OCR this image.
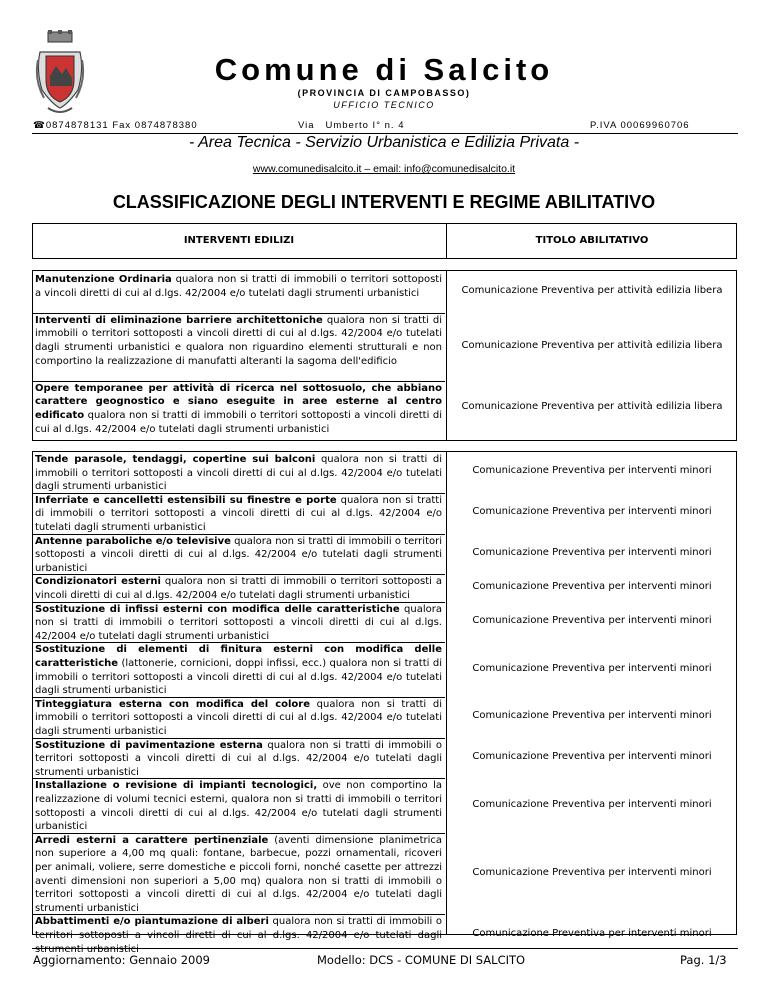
Comune di Salcito
(PROVINCIA DI CAMPOBASSO)
UFFICIO TECNICO
☎0874878131 Fax 0874878380	Via Umberto I° n. 4	P.IVA 00069960706
- Area Tecnica - Servizio Urbanistica e Edilizia Privata -
www.comunedisalcito.it – email: info@comunedisalcito.it
CLASSIFICAZIONE DEGLI INTERVENTI E REGIME ABILITATIVO
INTERVENTI EDILIZI	TITOLO ABILITATIVO
Manutenzione Ordinaria qualora non si tratti di immobili o territori sottoposti a vincoli diretti di cui al d.lgs. 42/2004 e/o tutelati dagli strumenti urbanistici	Comunicazione Preventiva per attività edilizia libera
Interventi di eliminazione barriere architettoniche qualora non si tratti di immobili o territori sottoposti a vincoli diretti di cui al d.lgs. 42/2004 e/o tutelati dagli strumenti urbanistici e qualora non riguardino elementi strutturali e non comportino la realizzazione di manufatti alteranti la sagoma dell'edificio
Comunicazione Preventiva per attività edilizia libera
Opere temporanee per attività di ricerca nel sottosuolo, che abbiano carattere geognostico e siano eseguite in aree esterne al centro edificato qualora non si tratti di immobili o territori sottoposti a vincoli diretti di cui al d.lgs. 42/2004 e/o tutelati dagli strumenti urbanistici
Comunicazione Preventiva per attività edilizia libera
Tende parasole, tendaggi, copertine sui balconi qualora non si tratti di immobili o territori sottoposti a vincoli diretti di cui al d.lgs. 42/2004 e/o tutelati dagli strumenti urbanistici
Comunicazione Preventiva per interventi minori
Inferriate e cancelletti estensibili su finestre e porte qualora non si tratti di immobili o territori sottoposti a vincoli diretti di cui al d.lgs. 42/2004 e/o tutelati dagli strumenti urbanistici
Comunicazione Preventiva per interventi minori
Antenne paraboliche e/o televisive qualora non si tratti di immobili o territori sottoposti a vincoli diretti di cui al d.lgs. 42/2004 e/o tutelati dagli strumenti urbanistici
Comunicazione Preventiva per interventi minori
Condizionatori esterni qualora non si tratti di immobili o territori sottoposti a vincoli diretti di cui al d.lgs. 42/2004 e/o tutelati dagli strumenti urbanistici
Comunicazione Preventiva per interventi minori
Sostituzione di infissi esterni con modifica delle caratteristiche qualora non si tratti di immobili o territori sottoposti a vincoli diretti di cui al d.lgs. 42/2004 e/o tutelati dagli strumenti urbanistici
Comunicazione Preventiva per interventi minori
Sostituzione di elementi di finitura esterni con modifica delle caratteristiche (lattonerie, cornicioni, doppi infissi, ecc.) qualora non si tratti di immobili o territori sottoposti a vincoli diretti di cui al d.lgs. 42/2004 e/o tutelati dagli strumenti urbanistici
Comunicazione Preventiva per interventi minori
Tinteggiatura esterna con modifica del colore qualora non si tratti di immobili o territori sottoposti a vincoli diretti di cui al d.lgs. 42/2004 e/o tutelati dagli strumenti urbanistici
Comunicazione Preventiva per interventi minori
Sostituzione di pavimentazione esterna qualora non si tratti di immobili o territori sottoposti a vincoli diretti di cui al d.lgs. 42/2004 e/o tutelati dagli strumenti urbanistici
Comunicazione Preventiva per interventi minori
Installazione o revisione di impianti tecnologici, ove non comportino la realizzazione di volumi tecnici esterni, qualora non si tratti di immobili o territori sottoposti a vincoli diretti di cui al d.lgs. 42/2004 e/o tutelati dagli strumenti urbanistici
Comunicazione Preventiva per interventi minori
Arredi esterni a carattere pertinenziale (aventi dimensione planimetrica non superiore a 4,00 mq quali: fontane, barbecue, pozzi ornamentali, ricoveri per animali, voliere, serre domestiche e piccoli forni, nonché casette per attrezzi aventi dimensioni non superiori a 5,00 mq) qualora non si tratti di immobili o territori sottoposti a vincoli diretti di cui al d.lgs. 42/2004 e/o tutelati dagli strumenti urbanistici
Comunicazione Preventiva per interventi minori
Abbattimenti e/o piantumazione di alberi qualora non si tratti di immobili o territori sottoposti a vincoli diretti di cui al d.lgs. 42/2004 e/o tutelati dagli strumenti urbanistici
Comunicazione Preventiva per interventi minori
Aggiornamento: Gennaio 2009	Modello: DCS - COMUNE DI SALCITO	Pag. 1/3
